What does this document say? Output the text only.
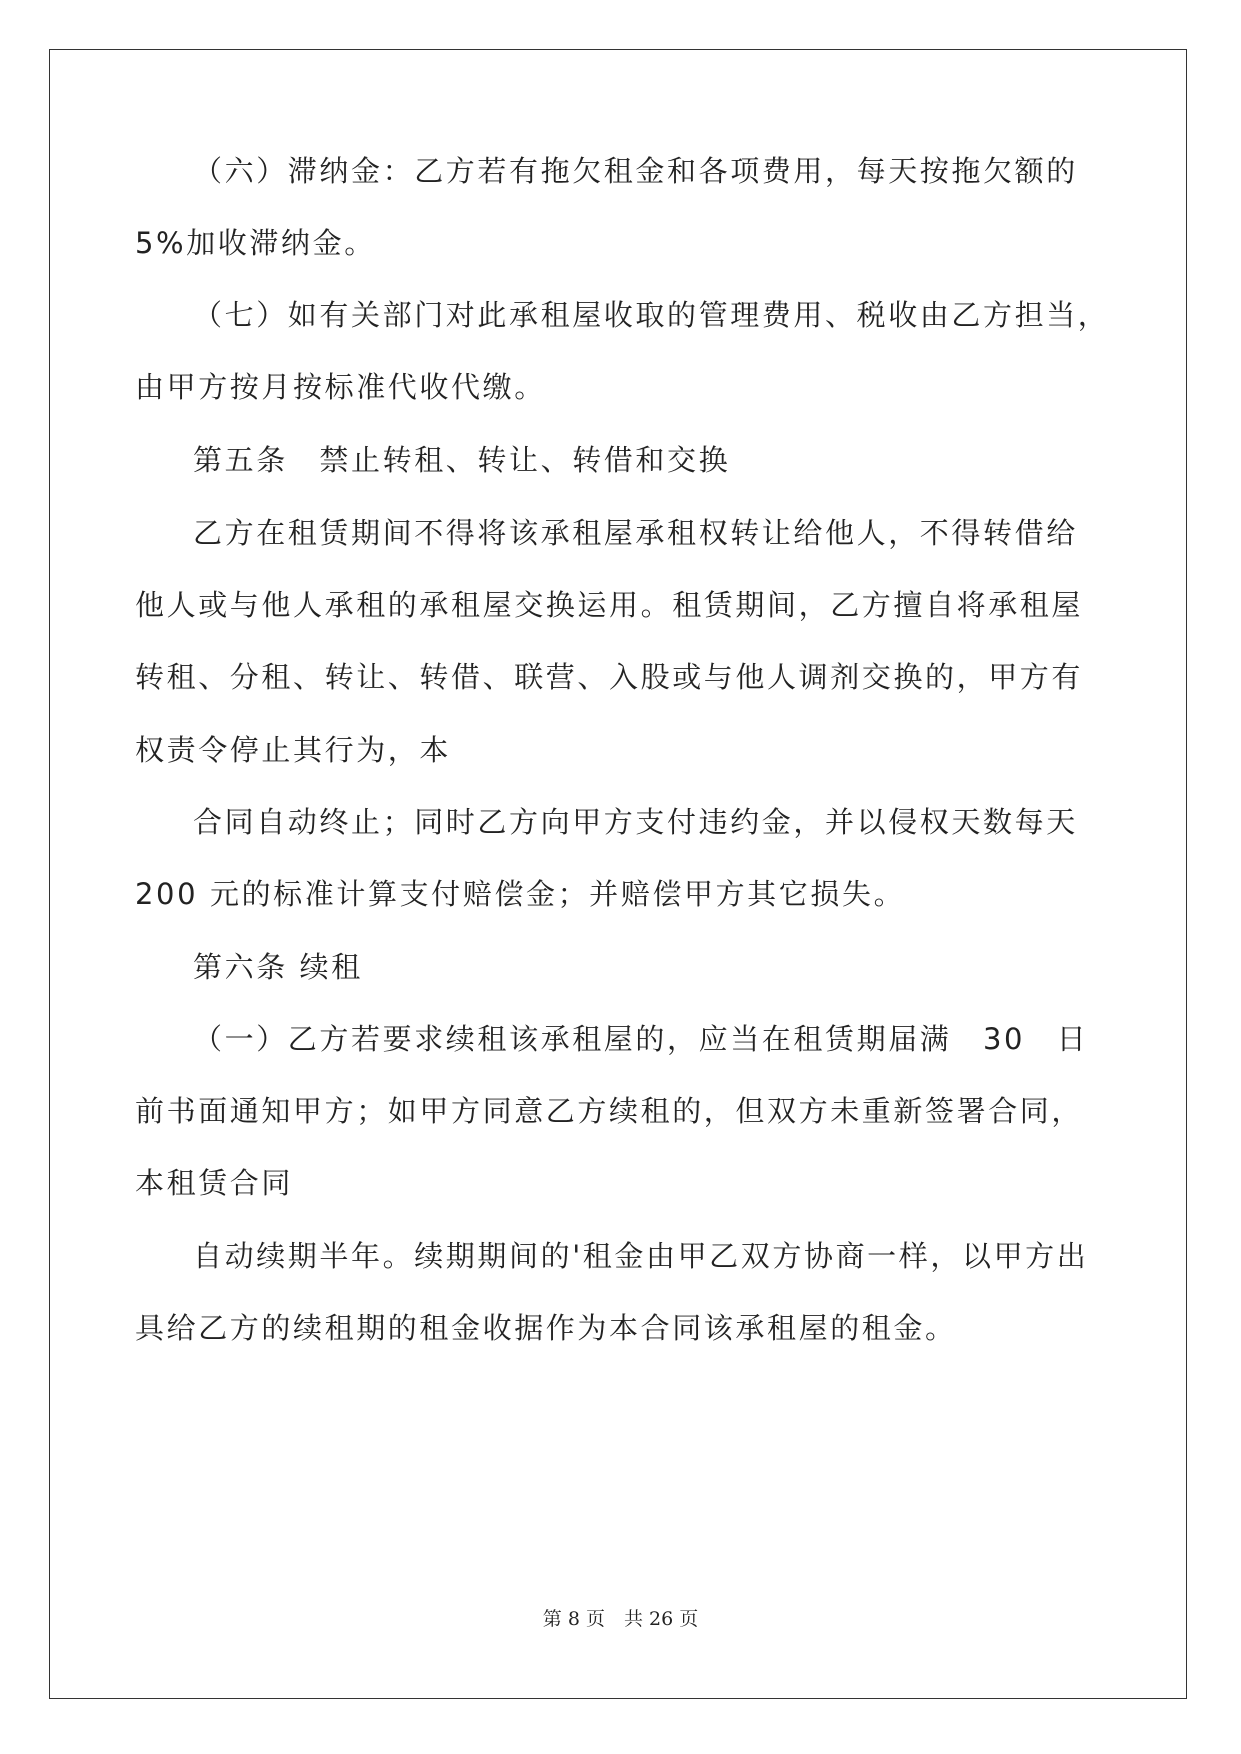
（六）滞纳金：乙方若有拖欠租金和各项费用，每天按拖欠额的
5%加收滞纳金。
（七）如有关部门对此承租屋收取的管理费用、税收由乙方担当，
由甲方按月按标准代收代缴。
第五条　禁止转租、转让、转借和交换
乙方在租赁期间不得将该承租屋承租权转让给他人，不得转借给
他人或与他人承租的承租屋交换运用。租赁期间，乙方擅自将承租屋
转租、分租、转让、转借、联营、入股或与他人调剂交换的，甲方有
权责令停止其行为，本
合同自动终止；同时乙方向甲方支付违约金，并以侵权天数每天
200 元的标准计算支付赔偿金；并赔偿甲方其它损失。
第六条 续租
（一）乙方若要求续租该承租屋的，应当在租赁期届满　30　日
前书面通知甲方；如甲方同意乙方续租的，但双方未重新签署合同，
本租赁合同
自动续期半年。续期期间的'租金由甲乙双方协商一样，以甲方出
具给乙方的续租期的租金收据作为本合同该承租屋的租金。
第 8 页　共 26 页
